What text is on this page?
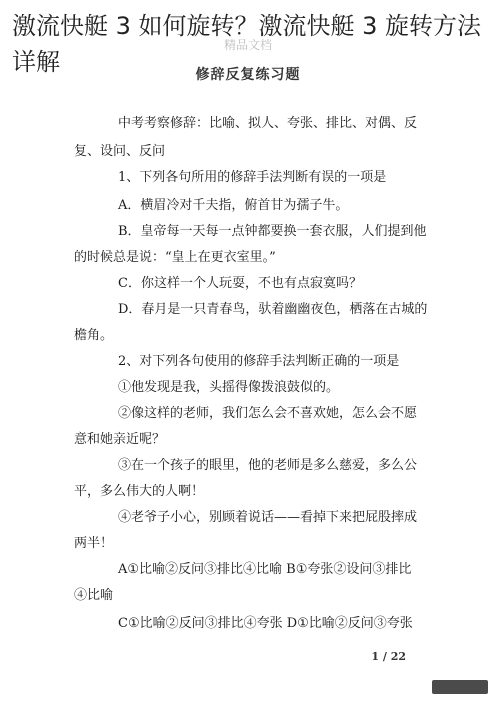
激流快艇 3 如何旋转？激流快艇 3 旋转方法详解
精品文档
修辞反复练习题
中考考察修辞：比喻、拟人、夸张、排比、对偶、反
复、设问、反问
1、下列各句所用的修辞手法判断有误的一项是
A．横眉冷对千夫指，俯首甘为孺子牛。
B．皇帝每一天每一点钟都要换一套衣服，人们提到他
的时候总是说：“皇上在更衣室里。”
C．你这样一个人玩耍，不也有点寂寞吗？
D．春月是一只青春鸟，驮着幽幽夜色，栖落在古城的
檐角。
2、对下列各句使用的修辞手法判断正确的一项是
①他发现是我，头摇得像拨浪鼓似的。
②像这样的老师，我们怎么会不喜欢她，怎么会不愿
意和她亲近呢？
③在一个孩子的眼里，他的老师是多么慈爱，多么公
平，多么伟大的人啊！
④老爷子小心，别顾着说话——看掉下来把屁股摔成
两半！
A①比喻②反问③排比④比喻 B①夸张②设问③排比
④比喻
C①比喻②反问③排比④夸张 D①比喻②反问③夸张
1 / 22
